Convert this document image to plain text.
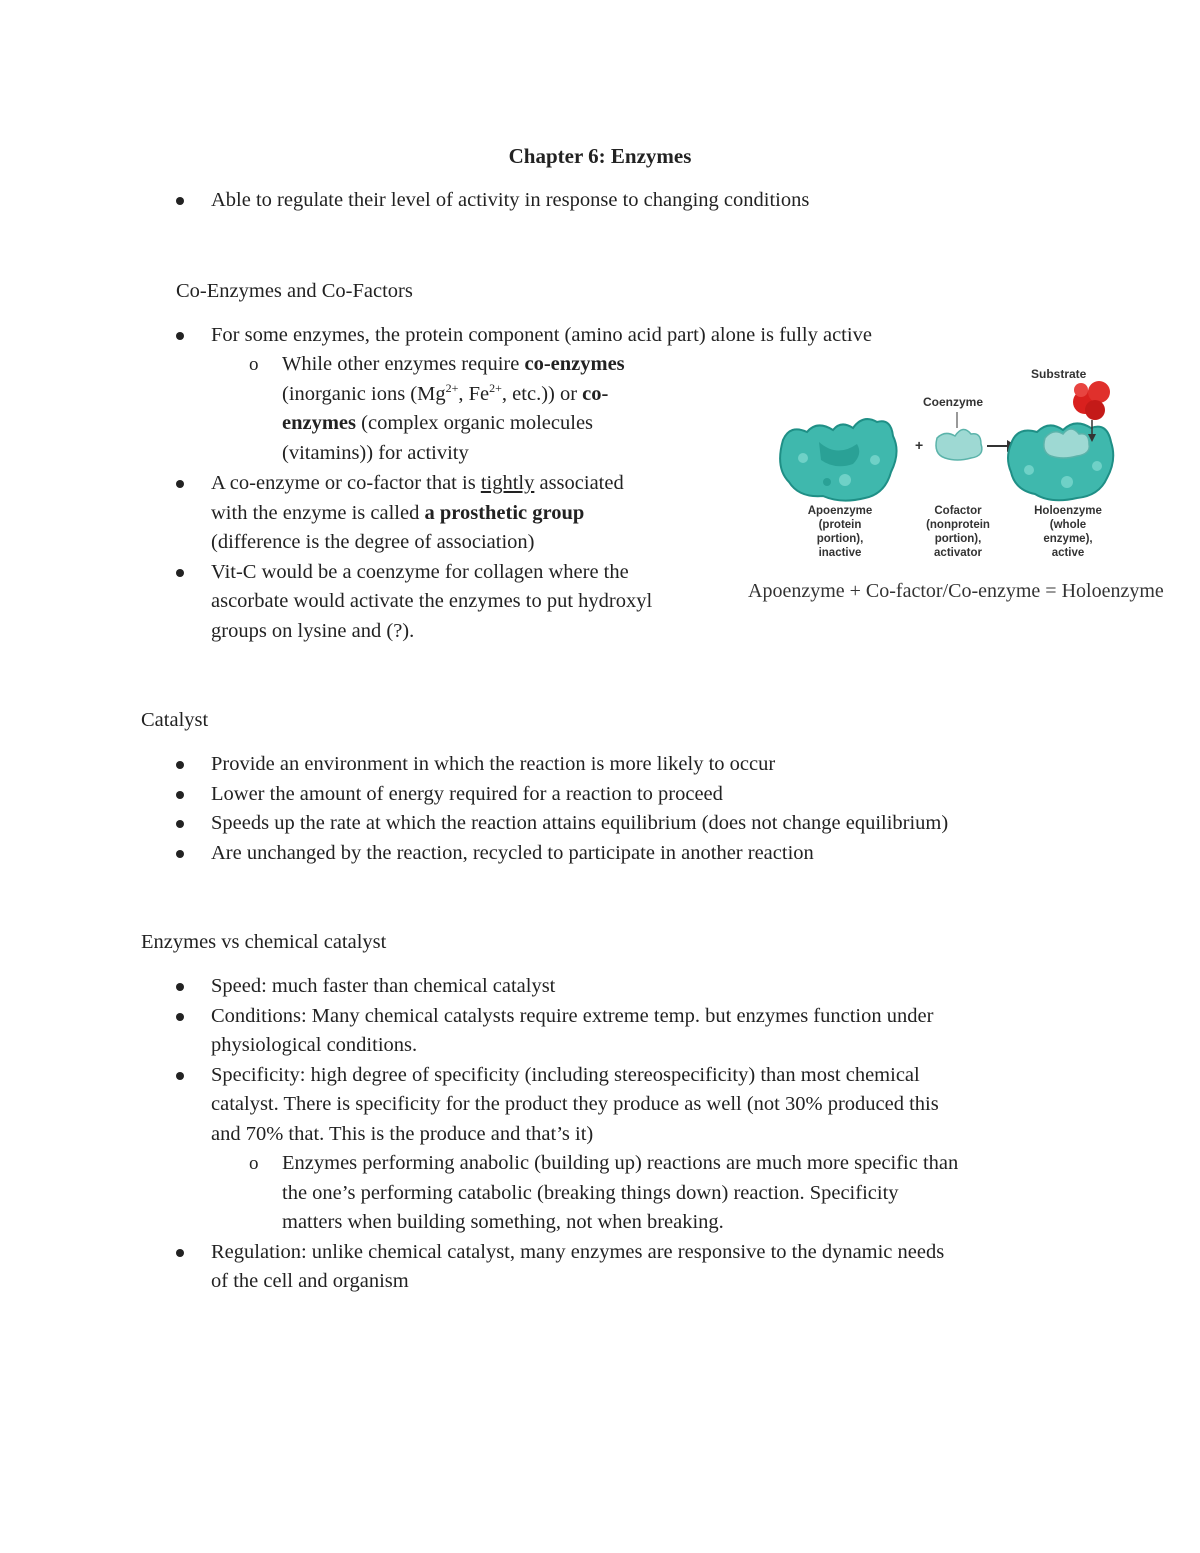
Chapter 6: Enzymes
Able to regulate their level of activity in response to changing conditions
Co-Enzymes and Co-Factors
For some enzymes, the protein component (amino acid part) alone is fully active
o While other enzymes require co-enzymes
(inorganic ions ($Mg^{2+}$, $Fe^{2+}$, etc.)) or co-
enzymes (complex organic molecules
(vitamins)) for activity
A co-enzyme or co-factor that is tightly associated
with the enzyme is called a prosthetic group
(difference is the degree of association)
Vit-C would be a coenzyme for collagen where the
ascorbate would activate the enzymes to put hydroxyl
groups on lysine and (?).
+
Coenzyme
Substrate
Apoenzyme
(protein
portion),
inactive
Cofactor
(nonprotein
portion),
activator
Holoenzyme
(whole
enzyme),
active
Apoenzyme + Co-factor/Co-enzyme = Holoenzyme
Catalyst
Provide an environment in which the reaction is more likely to occur
Lower the amount of energy required for a reaction to proceed
Speeds up the rate at which the reaction attains equilibrium (does not change equilibrium)
Are unchanged by the reaction, recycled to participate in another reaction
Enzymes vs chemical catalyst
Speed: much faster than chemical catalyst
Conditions: Many chemical catalysts require extreme temp. but enzymes function under
physiological conditions.
Specificity: high degree of specificity (including stereospecificity) than most chemical
catalyst. There is specificity for the product they produce as well (not 30% produced this
and 70% that. This is the produce and that’s it)
o Enzymes performing anabolic (building up) reactions are much more specific than
the one’s performing catabolic (breaking things down) reaction. Specificity
matters when building something, not when breaking.
Regulation: unlike chemical catalyst, many enzymes are responsive to the dynamic needs
of the cell and organism
